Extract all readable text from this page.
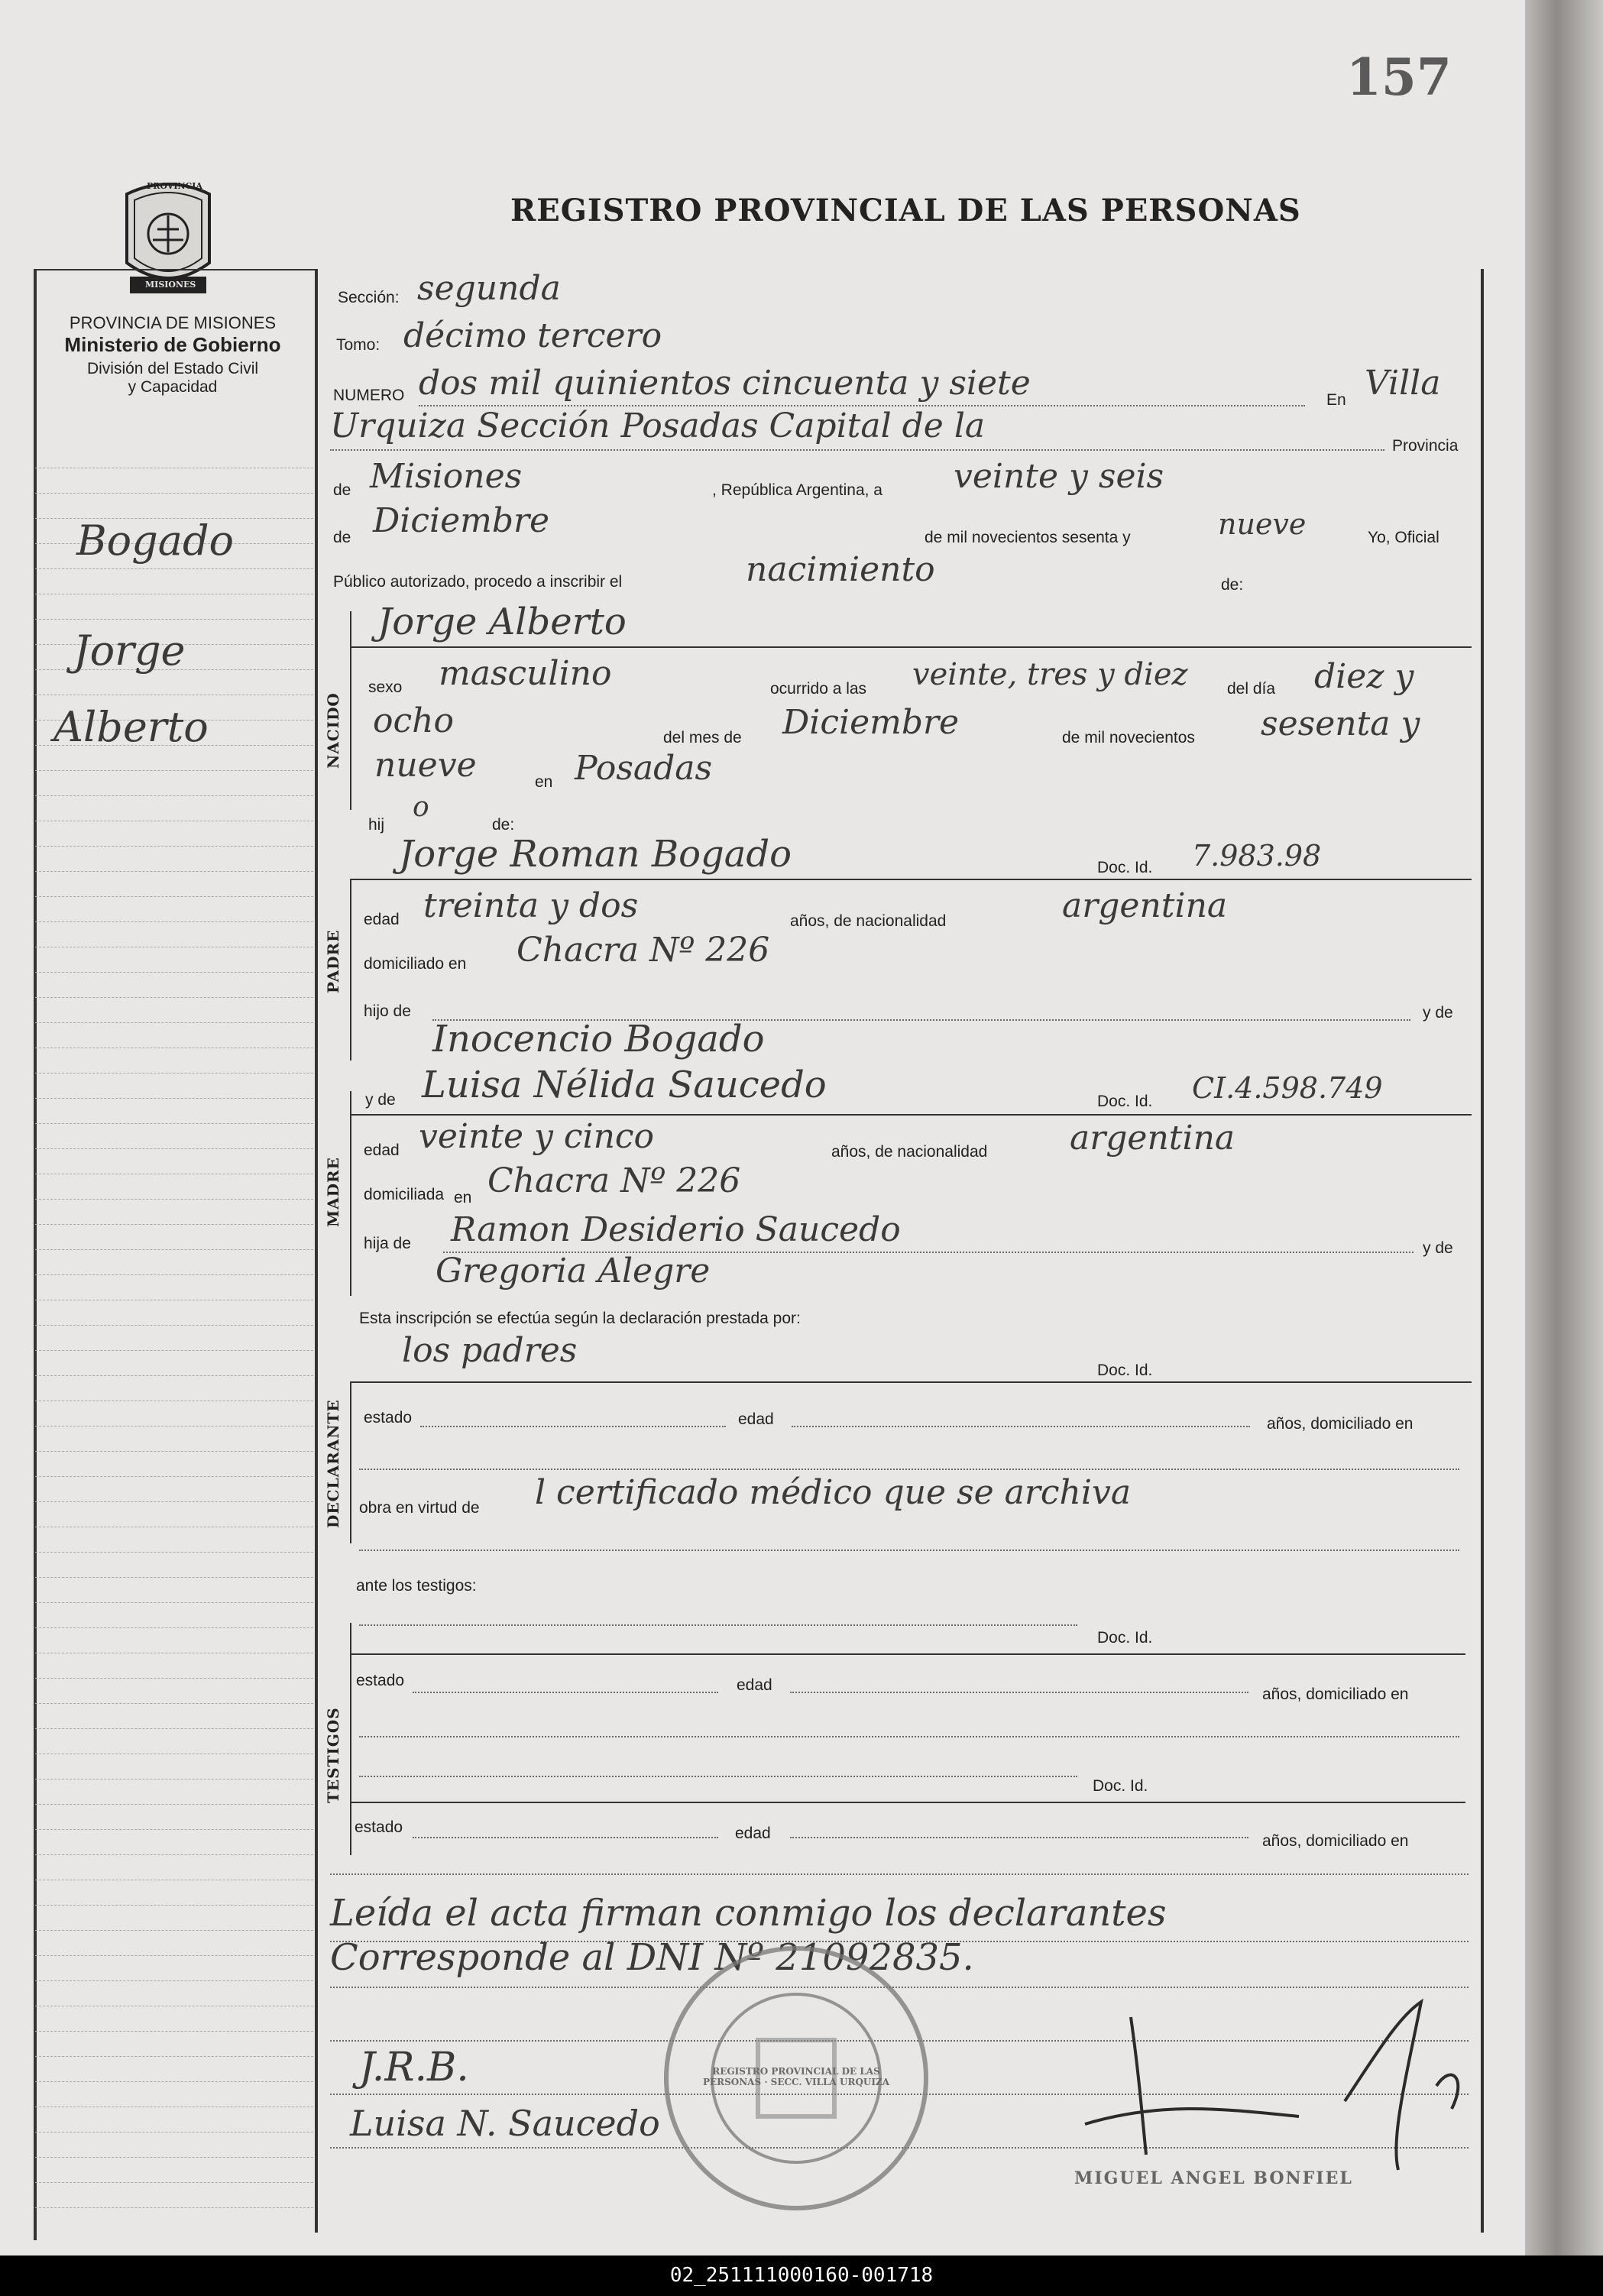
157
REGISTRO PROVINCIAL DE LAS PERSONAS
PROVINCIA
MISIONES
PROVINCIA DE MISIONES
Ministerio de Gobierno
División del Estado Civil
y Capacidad
Bogado
Jorge
Alberto
Sección: segunda
Tomo: décimo tercero
NUMERO dos mil quinientos cincuenta y siete	En Villa
Urquiza Sección Posadas Capital de la
Provincia
de Misiones	, República Argentina, a veinte y seis
de Diciembre	de mil novecientos sesenta y	nueve	Yo, Oficial
Público autorizado, procedo a inscribir el	nacimiento	de:
NACIDO
Jorge Alberto
sexo masculino	ocurrido a las veinte, tres y diez del día diez y
ocho	del mes de Diciembre	de mil novecientos sesenta y
nueve	en Posadas
hij
o
de:
PADRE
Jorge Roman Bogado	Doc. Id. 7.983.98
edad treinta y dos	años, de nacionalidad	argentina
domiciliado en Chacra Nº 226
hijo de	y de
Inocencio Bogado
MADRE
y de Luisa Nélida Saucedo	Doc. Id. CI.4.598.749
edad veinte y cinco	años, de nacionalidad argentina
domiciliada en Chacra Nº 226
hija de Ramon Desiderio Saucedo	y de
Gregoria Alegre
Esta inscripción se efectúa según la declaración prestada por:
DECLARANTE
los padres
Doc. Id.
estado	edad	años, domiciliado en
obra en virtud de l certificado médico que se archiva
ante los testigos:
TESTIGOS
Doc. Id.
estado	edad
años, domiciliado en
Doc. Id.
estado	edad	años, domiciliado en
Leída el acta firman conmigo los declarantes
Corresponde al DNI Nº 21092835.
REGISTRO PROVINCIAL DE LAS PERSONAS · SECC. VILLA URQUIZA
J.R.B.
Luisa N. Saucedo
MIGUEL ANGEL BONFIEL
02_251111000160-001718
